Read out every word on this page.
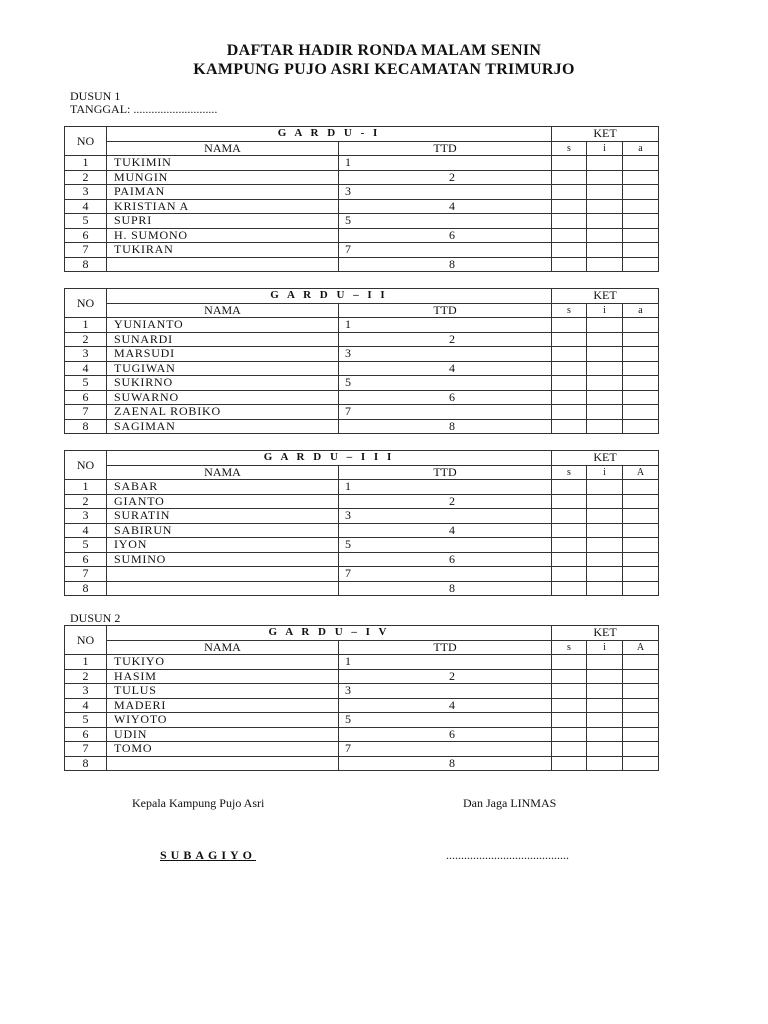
DAFTAR HADIR RONDA MALAM SENIN
KAMPUNG PUJO ASRI KECAMATAN TRIMURJO
DUSUN 1
TANGGAL: ............................
NO	G A R D U - I		KET		
	NAMA	TTD	s	i	a
1	TUKIMIN	1			
2	MUNGIN	2			
3	PAIMAN	3			
4	KRISTIAN A	4			
5	SUPRI	5			
6	H. SUMONO	6			
7	TUKIRAN	7			
8		8			
NO	G A R D U – I I		KET		
	NAMA	TTD	s	i	a
1	YUNIANTO	1			
2	SUNARDI	2			
3	MARSUDI	3			
4	TUGIWAN	4			
5	SUKIRNO	5			
6	SUWARNO	6			
7	ZAENAL ROBIKO	7			
8	SAGIMAN	8			
NO	G A R D U – I I I		KET		
	NAMA	TTD	s	i	A
1	SABAR	1			
2	GIANTO	2			
3	SURATIN	3			
4	SABIRUN	4			
5	IYON	5			
6	SUMINO	6			
7		7			
8		8			
NO	G A R D U – I V		KET		
	NAMA	TTD	s	i	A
1	TUKIYO	1			
2	HASIM	2			
3	TULUS	3			
4	MADERI	4			
5	WIYOTO	5			
6	UDIN	6			
7	TOMO	7			
8		8			
DUSUN 2
Kepala Kampung Pujo Asri	Dan Jaga LINMAS
SUBAGIYO	.........................................
